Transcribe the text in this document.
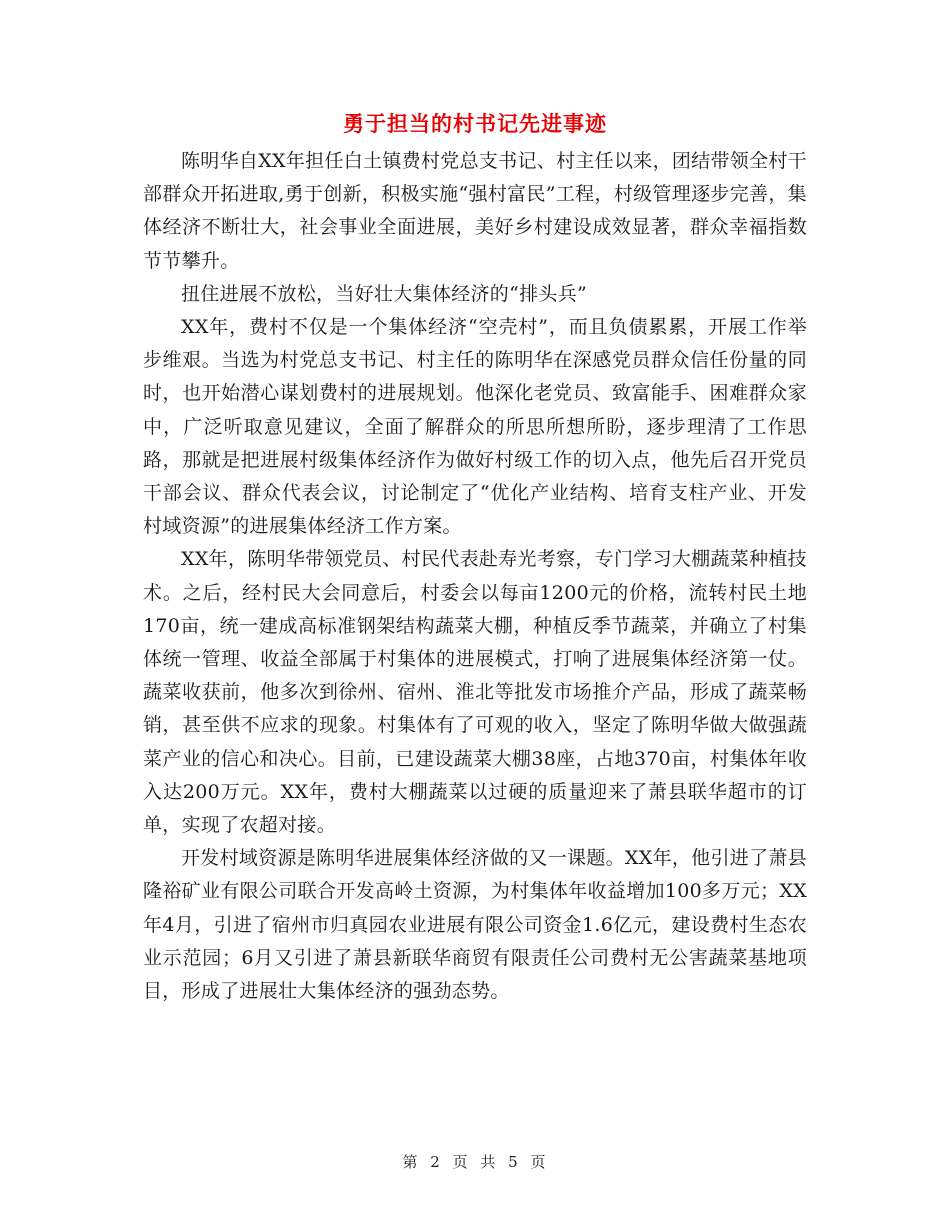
勇于担当的村书记先进事迹

陈明华自XX年担任白土镇费村党总支书记、村主任以来，团结带领全村干部群众开拓进取,勇于创新，积极实施“强村富民”工程，村级管理逐步完善，集体经济不断壮大，社会事业全面进展，美好乡村建设成效显著，群众幸福指数节节攀升。

扭住进展不放松，当好壮大集体经济的“排头兵”

XX年，费村不仅是一个集体经济“空壳村”，而且负债累累，开展工作举步维艰。当选为村党总支书记、村主任的陈明华在深感党员群众信任份量的同时，也开始潜心谋划费村的进展规划。他深化老党员、致富能手、困难群众家中，广泛听取意见建议，全面了解群众的所思所想所盼，逐步理清了工作思路，那就是把进展村级集体经济作为做好村级工作的切入点，他先后召开党员干部会议、群众代表会议，讨论制定了“优化产业结构、培育支柱产业、开发村域资源”的进展集体经济工作方案。

XX年，陈明华带领党员、村民代表赴寿光考察，专门学习大棚蔬菜种植技术。之后，经村民大会同意后，村委会以每亩1200元的价格，流转村民土地170亩，统一建成高标准钢架结构蔬菜大棚，种植反季节蔬菜，并确立了村集体统一管理、收益全部属于村集体的进展模式，打响了进展集体经济第一仗。蔬菜收获前，他多次到徐州、宿州、淮北等批发市场推介产品，形成了蔬菜畅销，甚至供不应求的现象。村集体有了可观的收入，坚定了陈明华做大做强蔬菜产业的信心和决心。目前，已建设蔬菜大棚38座，占地370亩，村集体年收入达200万元。XX年，费村大棚蔬菜以过硬的质量迎来了萧县联华超市的订单，实现了农超对接。

开发村域资源是陈明华进展集体经济做的又一课题。XX年，他引进了萧县隆裕矿业有限公司联合开发高岭土资源，为村集体年收益增加100多万元；XX年4月，引进了宿州市归真园农业进展有限公司资金1.6亿元，建设费村生态农业示范园；6月又引进了萧县新联华商贸有限责任公司费村无公害蔬菜基地项目，形成了进展壮大集体经济的强劲态势。

第 2 页 共 5 页
